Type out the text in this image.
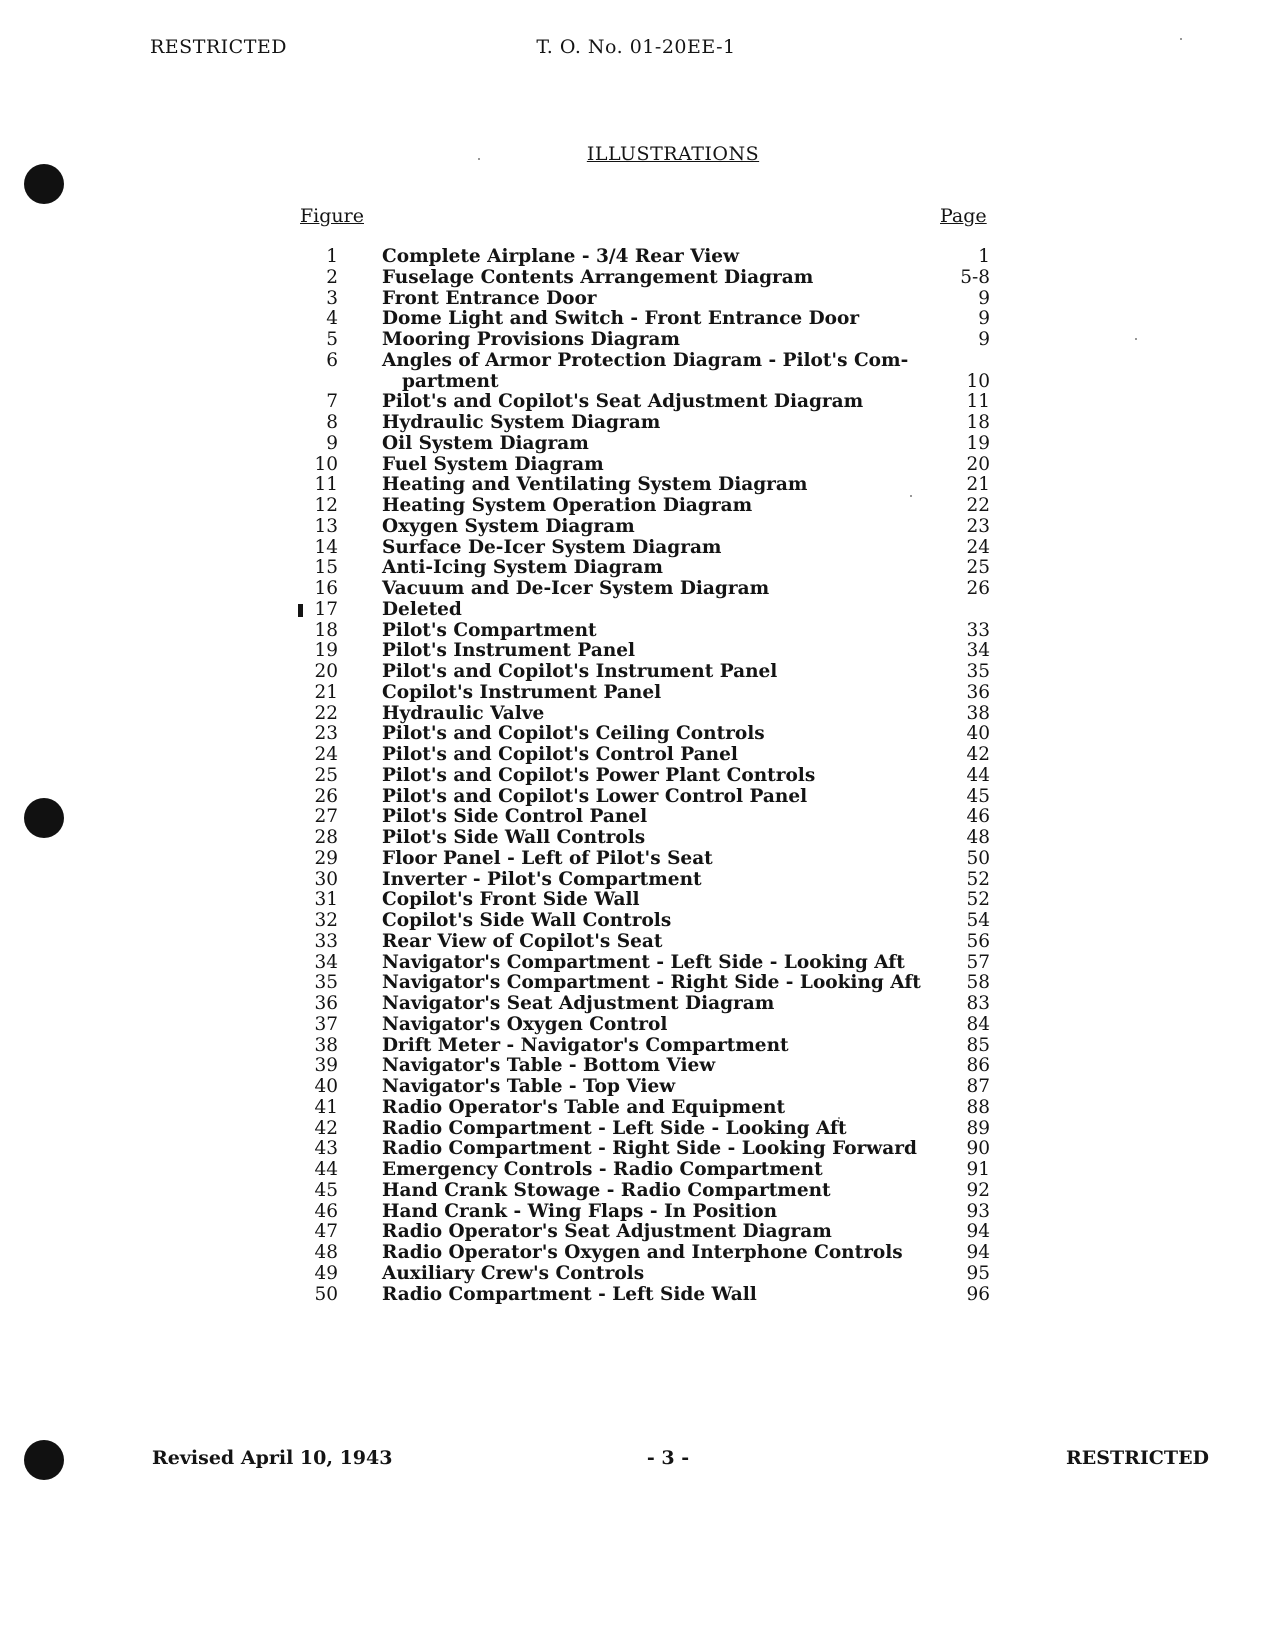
RESTRICTED	T. O. No. 01-20EE-1
ILLUSTRATIONS
Figure	Page
1 Complete Airplane - 3/4 Rear View	1
2 Fuselage Contents Arrangement Diagram	5-8
3 Front Entrance Door	9
4 Dome Light and Switch - Front Entrance Door	9
5 Mooring Provisions Diagram	9
6 Angles of Armor Protection Diagram - Pilot's Com-
partment	10
7 Pilot's and Copilot's Seat Adjustment Diagram	11
8 Hydraulic System Diagram	18
9 Oil System Diagram	19
10 Fuel System Diagram	20
11 Heating and Ventilating System Diagram	21
12 Heating System Operation Diagram	22
13 Oxygen System Diagram	23
14 Surface De-Icer System Diagram	24
15 Anti-Icing System Diagram	25
16 Vacuum and De-Icer System Diagram	26
17 Deleted
18 Pilot's Compartment	33
19 Pilot's Instrument Panel	34
20 Pilot's and Copilot's Instrument Panel	35
21 Copilot's Instrument Panel	36
22 Hydraulic Valve	38
23 Pilot's and Copilot's Ceiling Controls	40
24 Pilot's and Copilot's Control Panel	42
25 Pilot's and Copilot's Power Plant Controls	44
26 Pilot's and Copilot's Lower Control Panel	45
27 Pilot's Side Control Panel	46
28 Pilot's Side Wall Controls	48
29 Floor Panel - Left of Pilot's Seat	50
30 Inverter - Pilot's Compartment	52
31 Copilot's Front Side Wall	52
32 Copilot's Side Wall Controls	54
33 Rear View of Copilot's Seat	56
34 Navigator's Compartment - Left Side - Looking Aft	57
35 Navigator's Compartment - Right Side - Looking Aft	58
36 Navigator's Seat Adjustment Diagram	83
37 Navigator's Oxygen Control	84
38 Drift Meter - Navigator's Compartment	85
39 Navigator's Table - Bottom View	86
40 Navigator's Table - Top View	87
41 Radio Operator's Table and Equipment	88
42 Radio Compartment - Left Side - Looking Aft	89
43 Radio Compartment - Right Side - Looking Forward	90
44 Emergency Controls - Radio Compartment	91
45 Hand Crank Stowage - Radio Compartment	92
46 Hand Crank - Wing Flaps - In Position	93
47 Radio Operator's Seat Adjustment Diagram	94
48 Radio Operator's Oxygen and Interphone Controls	94
49 Auxiliary Crew's Controls	95
50 Radio Compartment - Left Side Wall	96
Revised April 10, 1943	- 3 -	RESTRICTED
